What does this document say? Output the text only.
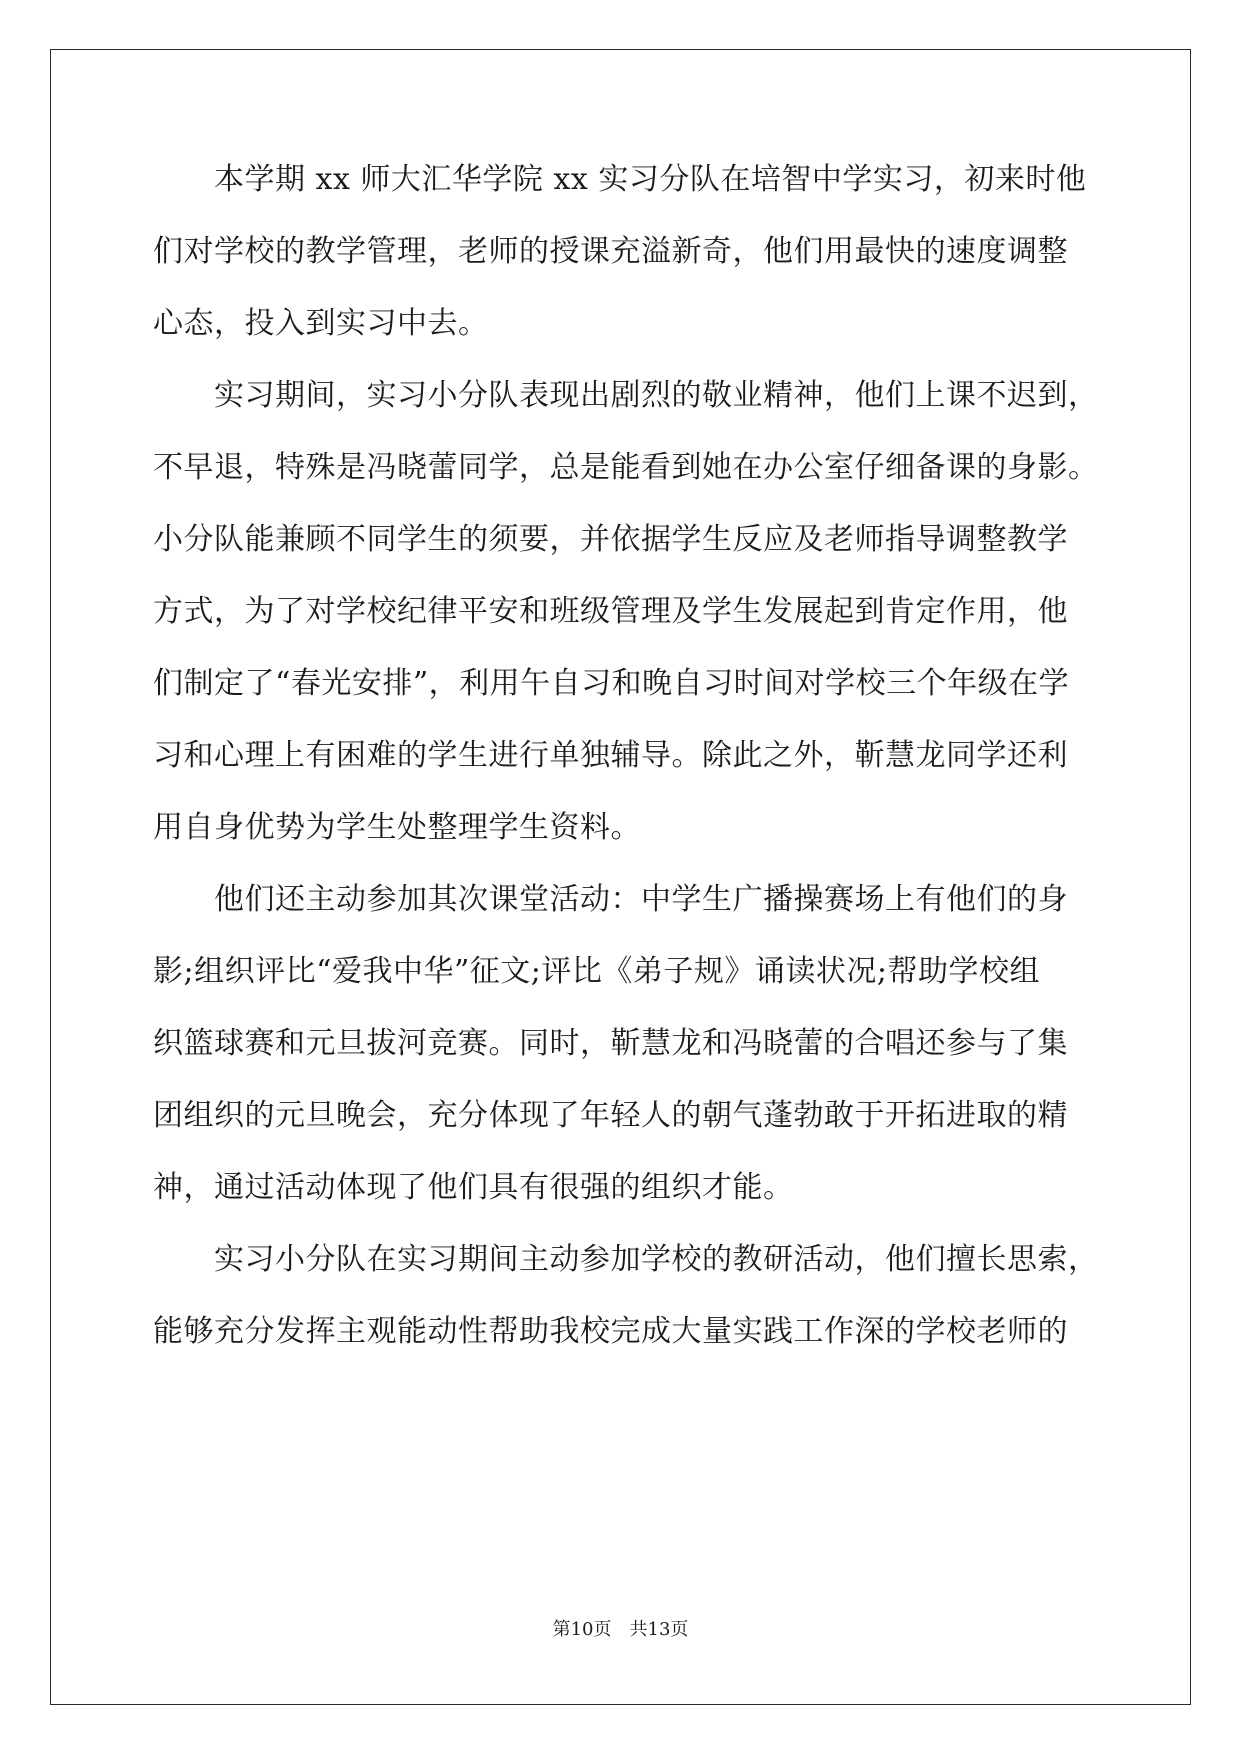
　　本学期 xx 师大汇华学院 xx 实习分队在培智中学实习，初来时他
们对学校的教学管理，老师的授课充溢新奇，他们用最快的速度调整
心态，投入到实习中去。
　　实习期间，实习小分队表现出剧烈的敬业精神，他们上课不迟到，
不早退，特殊是冯晓蕾同学，总是能看到她在办公室仔细备课的身影。
小分队能兼顾不同学生的须要，并依据学生反应及老师指导调整教学
方式，为了对学校纪律平安和班级管理及学生发展起到肯定作用，他
们制定了“春光安排”，利用午自习和晚自习时间对学校三个年级在学
习和心理上有困难的学生进行单独辅导。除此之外，靳慧龙同学还利
用自身优势为学生处整理学生资料。
　　他们还主动参加其次课堂活动：中学生广播操赛场上有他们的身
影;组织评比“爱我中华”征文;评比《弟子规》诵读状况;帮助学校组
织篮球赛和元旦拔河竞赛。同时，靳慧龙和冯晓蕾的合唱还参与了集
团组织的元旦晚会，充分体现了年轻人的朝气蓬勃敢于开拓进取的精
神，通过活动体现了他们具有很强的组织才能。
　　实习小分队在实习期间主动参加学校的教研活动，他们擅长思索，
能够充分发挥主观能动性帮助我校完成大量实践工作深的学校老师的
第10页　共13页
